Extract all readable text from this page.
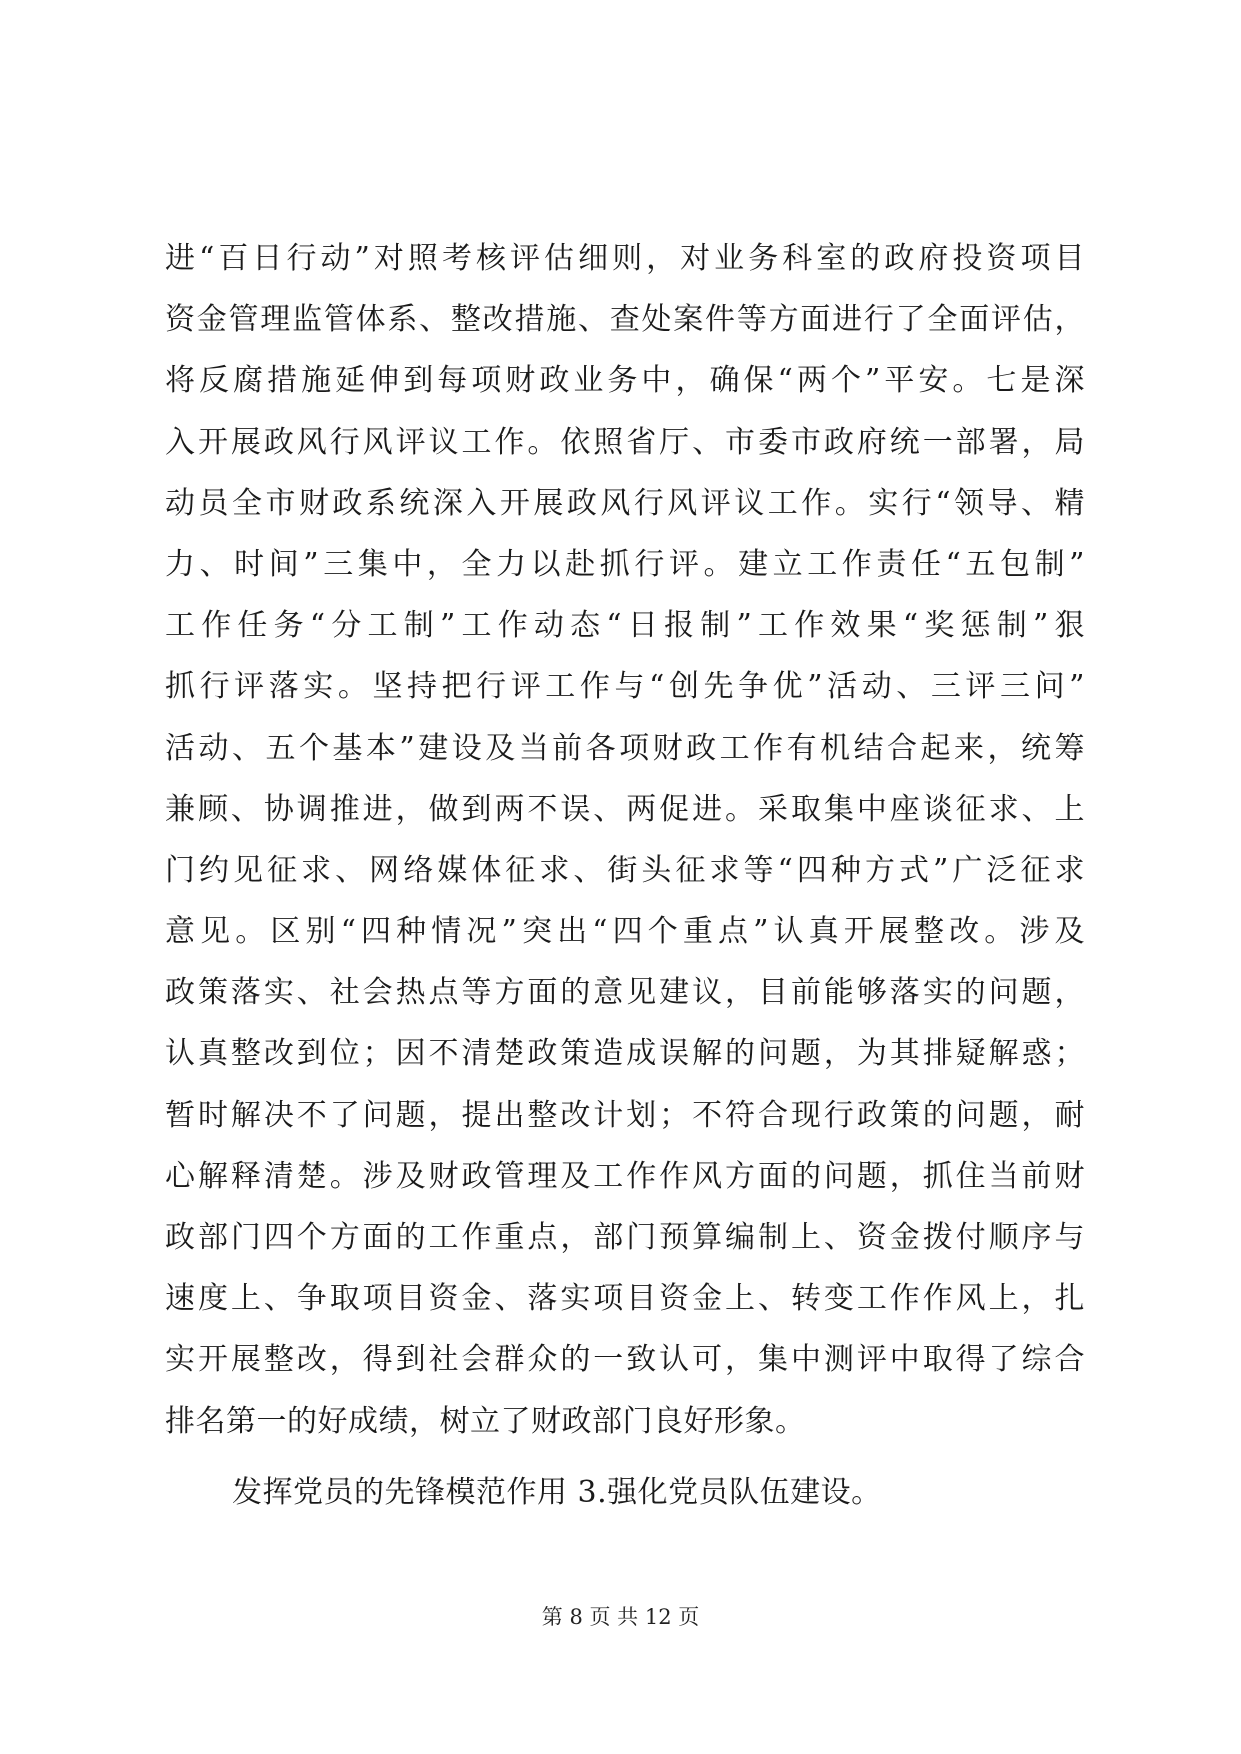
进“百日行动”对照考核评估细则，对业务科室的政府投资项目
资金管理监管体系、整改措施、查处案件等方面进行了全面评估，
将反腐措施延伸到每项财政业务中，确保“两个”平安。七是深
入开展政风行风评议工作。依照省厅、市委市政府统一部署，局
动员全市财政系统深入开展政风行风评议工作。实行“领导、精
力、时间”三集中，全力以赴抓行评。建立工作责任“五包制”
工作任务“分工制”工作动态“日报制”工作效果“奖惩制”狠
抓行评落实。坚持把行评工作与“创先争优”活动、三评三问”
活动、五个基本”建设及当前各项财政工作有机结合起来，统筹
兼顾、协调推进，做到两不误、两促进。采取集中座谈征求、上
门约见征求、网络媒体征求、街头征求等“四种方式”广泛征求
意见。区别“四种情况”突出“四个重点”认真开展整改。涉及
政策落实、社会热点等方面的意见建议，目前能够落实的问题，
认真整改到位；因不清楚政策造成误解的问题，为其排疑解惑；
暂时解决不了问题，提出整改计划；不符合现行政策的问题，耐
心解释清楚。涉及财政管理及工作作风方面的问题，抓住当前财
政部门四个方面的工作重点，部门预算编制上、资金拨付顺序与
速度上、争取项目资金、落实项目资金上、转变工作作风上，扎
实开展整改，得到社会群众的一致认可，集中测评中取得了综合
排名第一的好成绩，树立了财政部门良好形象。
发挥党员的先锋模范作用 3.强化党员队伍建设。
第 8 页 共 12 页
